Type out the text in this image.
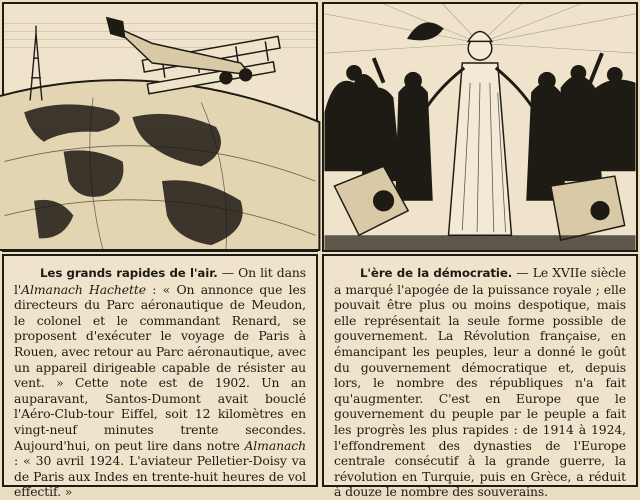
Les grands rapides de l'air. — On lit dans l'Almanach Hachette : « On annonce que les directeurs du Parc aéronautique de Meudon, le colonel et le commandant Renard, se proposent d'exécuter le voyage de Paris à Rouen, avec retour au Parc aéronautique, avec un appareil dirigeable capable de résister au vent. » Cette note est de 1902. Un an auparavant, Santos-Dumont avait bouclé l'Aéro-Club-tour Eiffel, soit 12 kilomètres en vingt-neuf minutes trente secondes. Aujourd'hui, on peut lire dans notre Almanach : « 30 avril 1924. L'aviateur Pelletier-Doisy va de Paris aux Indes en trente-huit heures de vol effectif. »

L'ère de la démocratie. — Le XVIIe siècle a marqué l'apogée de la puissance royale ; elle pouvait être plus ou moins despotique, mais elle représentait la seule forme possible de gouvernement. La Révolution française, en émancipant les peuples, leur a donné le goût du gouvernement démocratique et, depuis lors, le nombre des républiques n'a fait qu'augmenter. C'est en Europe que le gouvernement du peuple par le peuple a fait les progrès les plus rapides : de 1914 à 1924, l'effondrement des dynasties de l'Europe centrale consécutif à la grande guerre, la révolution en Turquie, puis en Grèce, a réduit à douze le nombre des souverains.
